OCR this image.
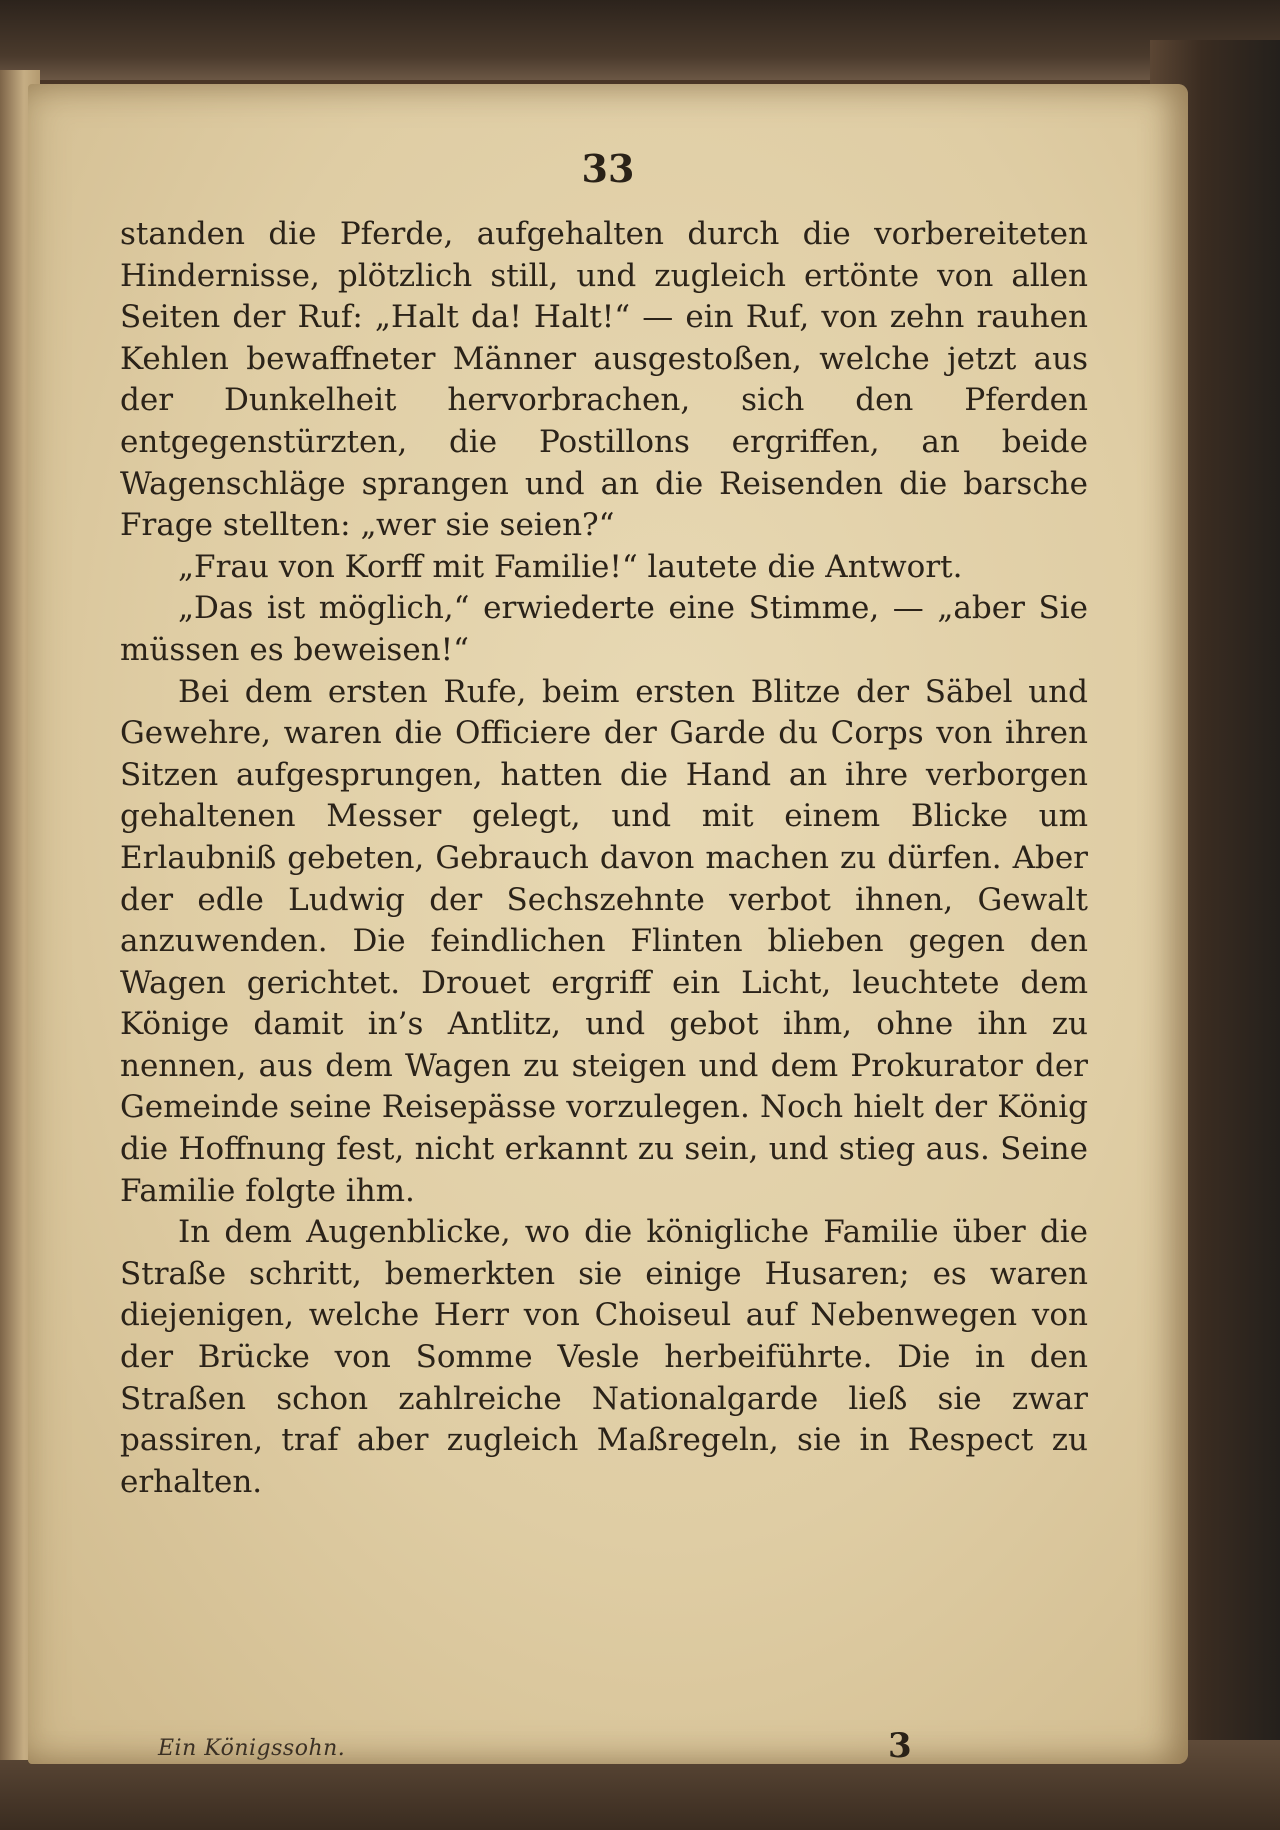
33

standen die Pferde, aufgehalten durch die vorbereiteten Hindernisse, plötzlich still, und zugleich ertönte von allen Seiten der Ruf: „Halt da! Halt!“ — ein Ruf, von zehn rauhen Kehlen bewaffneter Männer ausgestoßen, welche jetzt aus der Dunkelheit hervorbrachen, sich den Pferden entgegenstürzten, die Postillons ergriffen, an beide Wagenschläge sprangen und an die Reisenden die barsche Frage stellten: „wer sie seien?“

„Frau von Korff mit Familie!“ lautete die Antwort.

„Das ist möglich,“ erwiederte eine Stimme, — „aber Sie müssen es beweisen!“

Bei dem ersten Rufe, beim ersten Blitze der Säbel und Gewehre, waren die Officiere der Garde du Corps von ihren Sitzen aufgesprungen, hatten die Hand an ihre verborgen gehaltenen Messer gelegt, und mit einem Blicke um Erlaubniß gebeten, Gebrauch davon machen zu dürfen. Aber der edle Ludwig der Sechszehnte verbot ihnen, Gewalt anzuwenden. Die feindlichen Flinten blieben gegen den Wagen gerichtet. Drouet ergriff ein Licht, leuchtete dem Könige damit in’s Antlitz, und gebot ihm, ohne ihn zu nennen, aus dem Wagen zu steigen und dem Prokurator der Gemeinde seine Reisepässe vorzulegen. Noch hielt der König die Hoffnung fest, nicht erkannt zu sein, und stieg aus. Seine Familie folgte ihm.

In dem Augenblicke, wo die königliche Familie über die Straße schritt, bemerkten sie einige Husaren; es waren diejenigen, welche Herr von Choiseul auf Nebenwegen von der Brücke von Somme Vesle herbeiführte. Die in den Straßen schon zahlreiche Nationalgarde ließ sie zwar passiren, traf aber zugleich Maßregeln, sie in Respect zu erhalten.

Ein Königssohn.	3
